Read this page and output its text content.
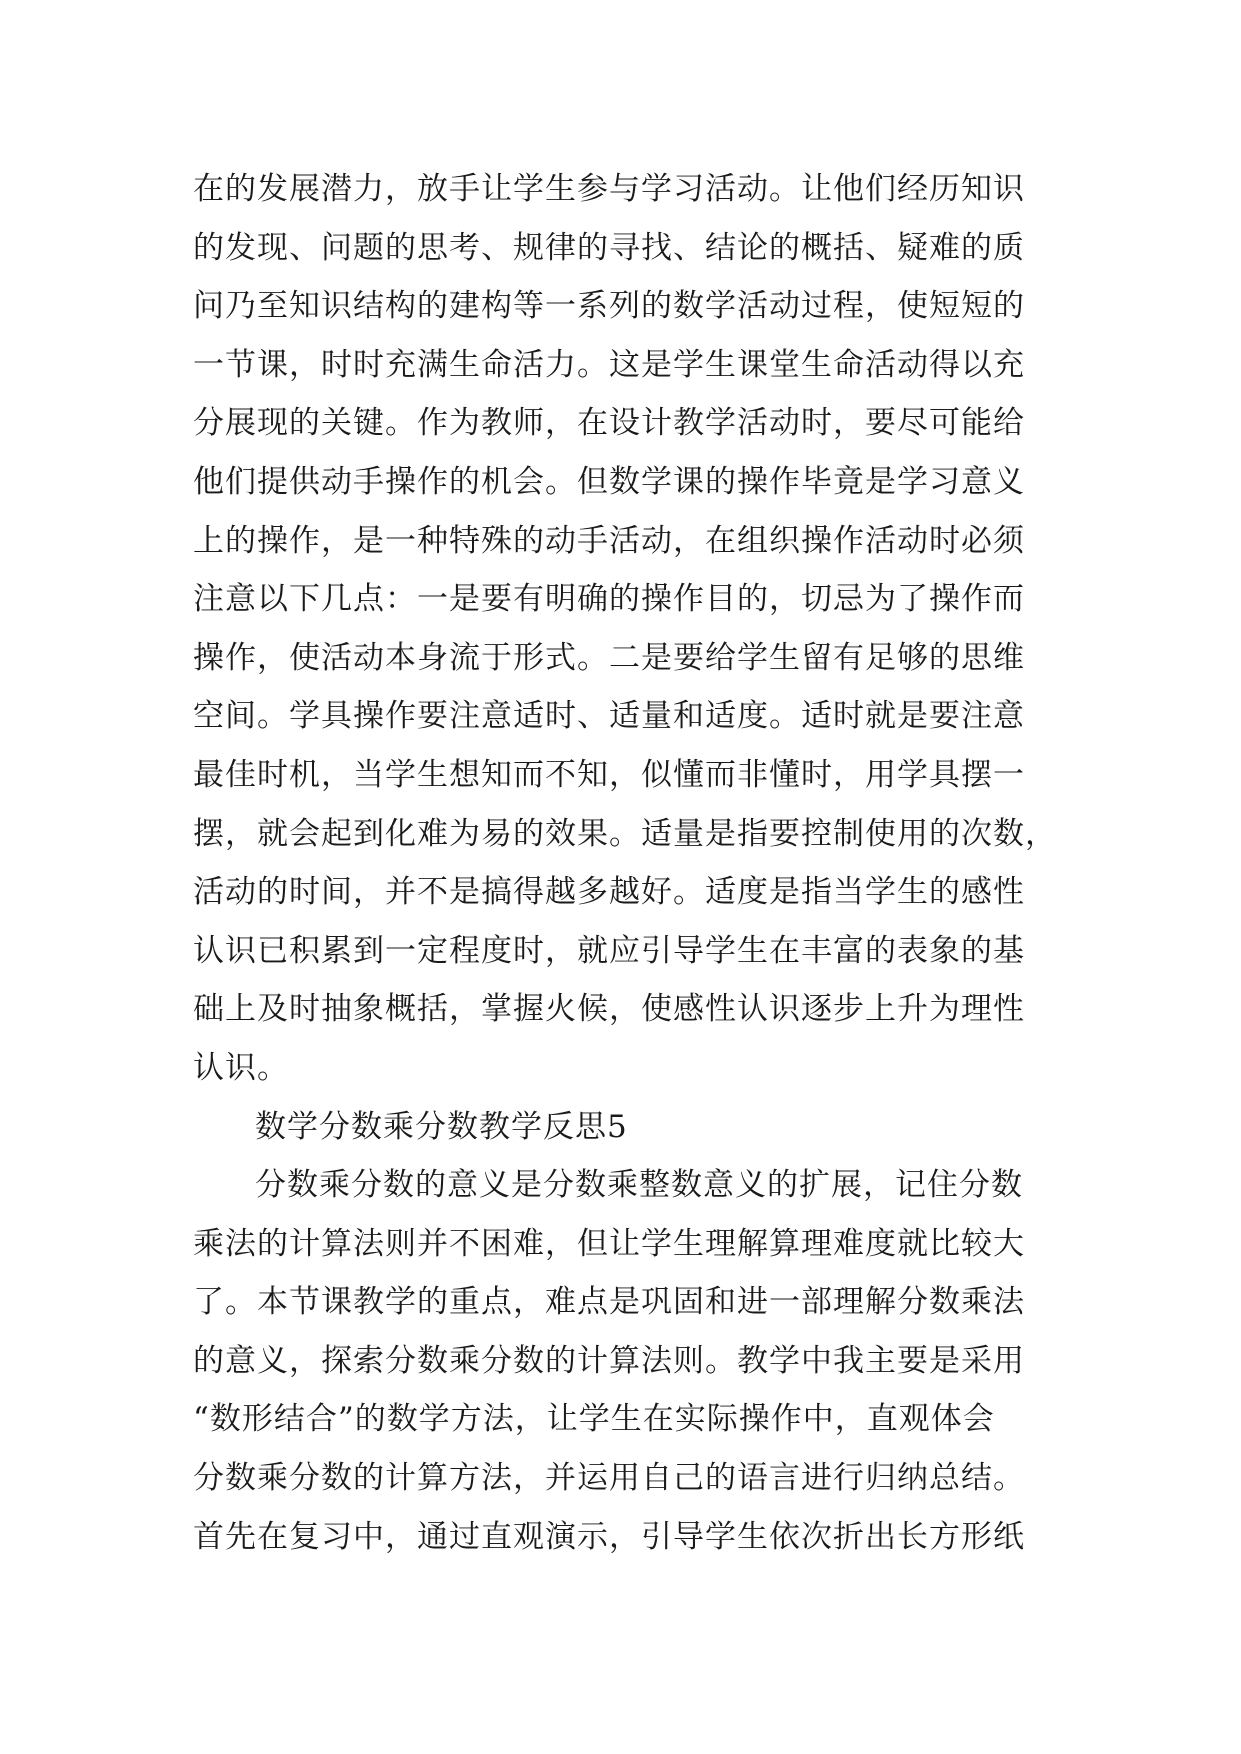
在的发展潜力，放手让学生参与学习活动。让他们经历知识
的发现、问题的思考、规律的寻找、结论的概括、疑难的质
问乃至知识结构的建构等一系列的数学活动过程，使短短的
一节课，时时充满生命活力。这是学生课堂生命活动得以充
分展现的关键。作为教师，在设计教学活动时，要尽可能给
他们提供动手操作的机会。但数学课的操作毕竟是学习意义
上的操作，是一种特殊的动手活动，在组织操作活动时必须
注意以下几点：一是要有明确的操作目的，切忌为了操作而
操作，使活动本身流于形式。二是要给学生留有足够的思维
空间。学具操作要注意适时、适量和适度。适时就是要注意
最佳时机，当学生想知而不知，似懂而非懂时，用学具摆一
摆，就会起到化难为易的效果。适量是指要控制使用的次数，
活动的时间，并不是搞得越多越好。适度是指当学生的感性
认识已积累到一定程度时，就应引导学生在丰富的表象的基
础上及时抽象概括，掌握火候，使感性认识逐步上升为理性
认识。
数学分数乘分数教学反思5
分数乘分数的意义是分数乘整数意义的扩展，记住分数
乘法的计算法则并不困难，但让学生理解算理难度就比较大
了。本节课教学的重点，难点是巩固和进一部理解分数乘法
的意义，探索分数乘分数的计算法则。教学中我主要是采用
“数形结合”的数学方法，让学生在实际操作中，直观体会
分数乘分数的计算方法，并运用自己的语言进行归纳总结。
首先在复习中，通过直观演示，引导学生依次折出长方形纸
